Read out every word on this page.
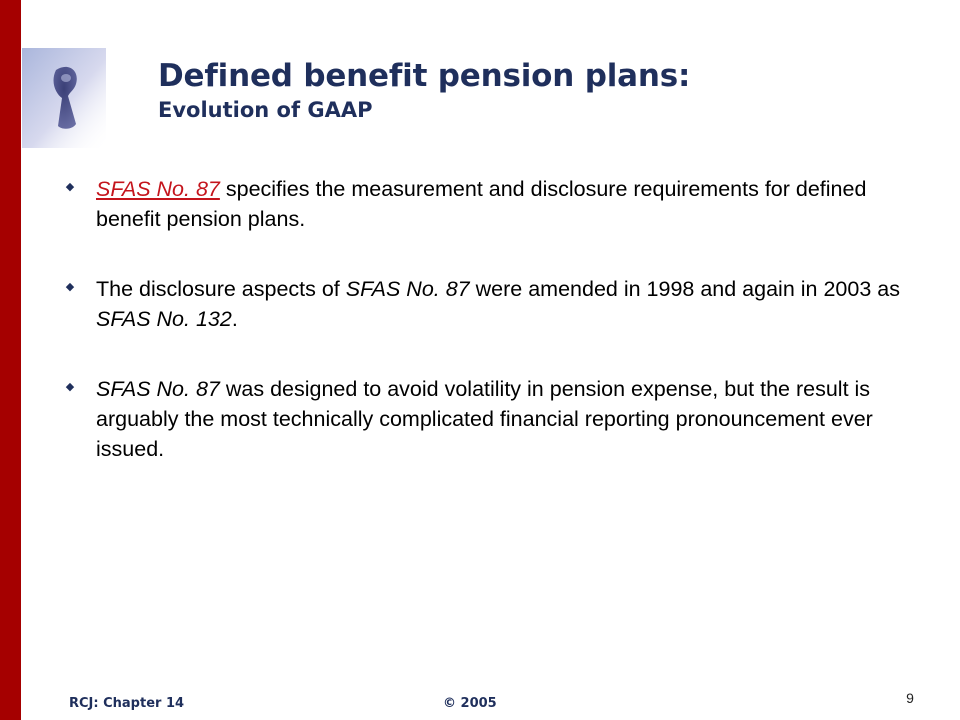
Defined benefit pension plans:
Evolution of GAAP
◆ SFAS No. 87 specifies the measurement and disclosure requirements for defined benefit pension plans.
◆ The disclosure aspects of SFAS No. 87 were amended in 1998 and again in 2003 as SFAS No. 132.
◆ SFAS No. 87 was designed to avoid volatility in pension expense, but the result is arguably the most technically complicated financial reporting pronouncement ever issued.
RCJ: Chapter 14	© 2005	9
